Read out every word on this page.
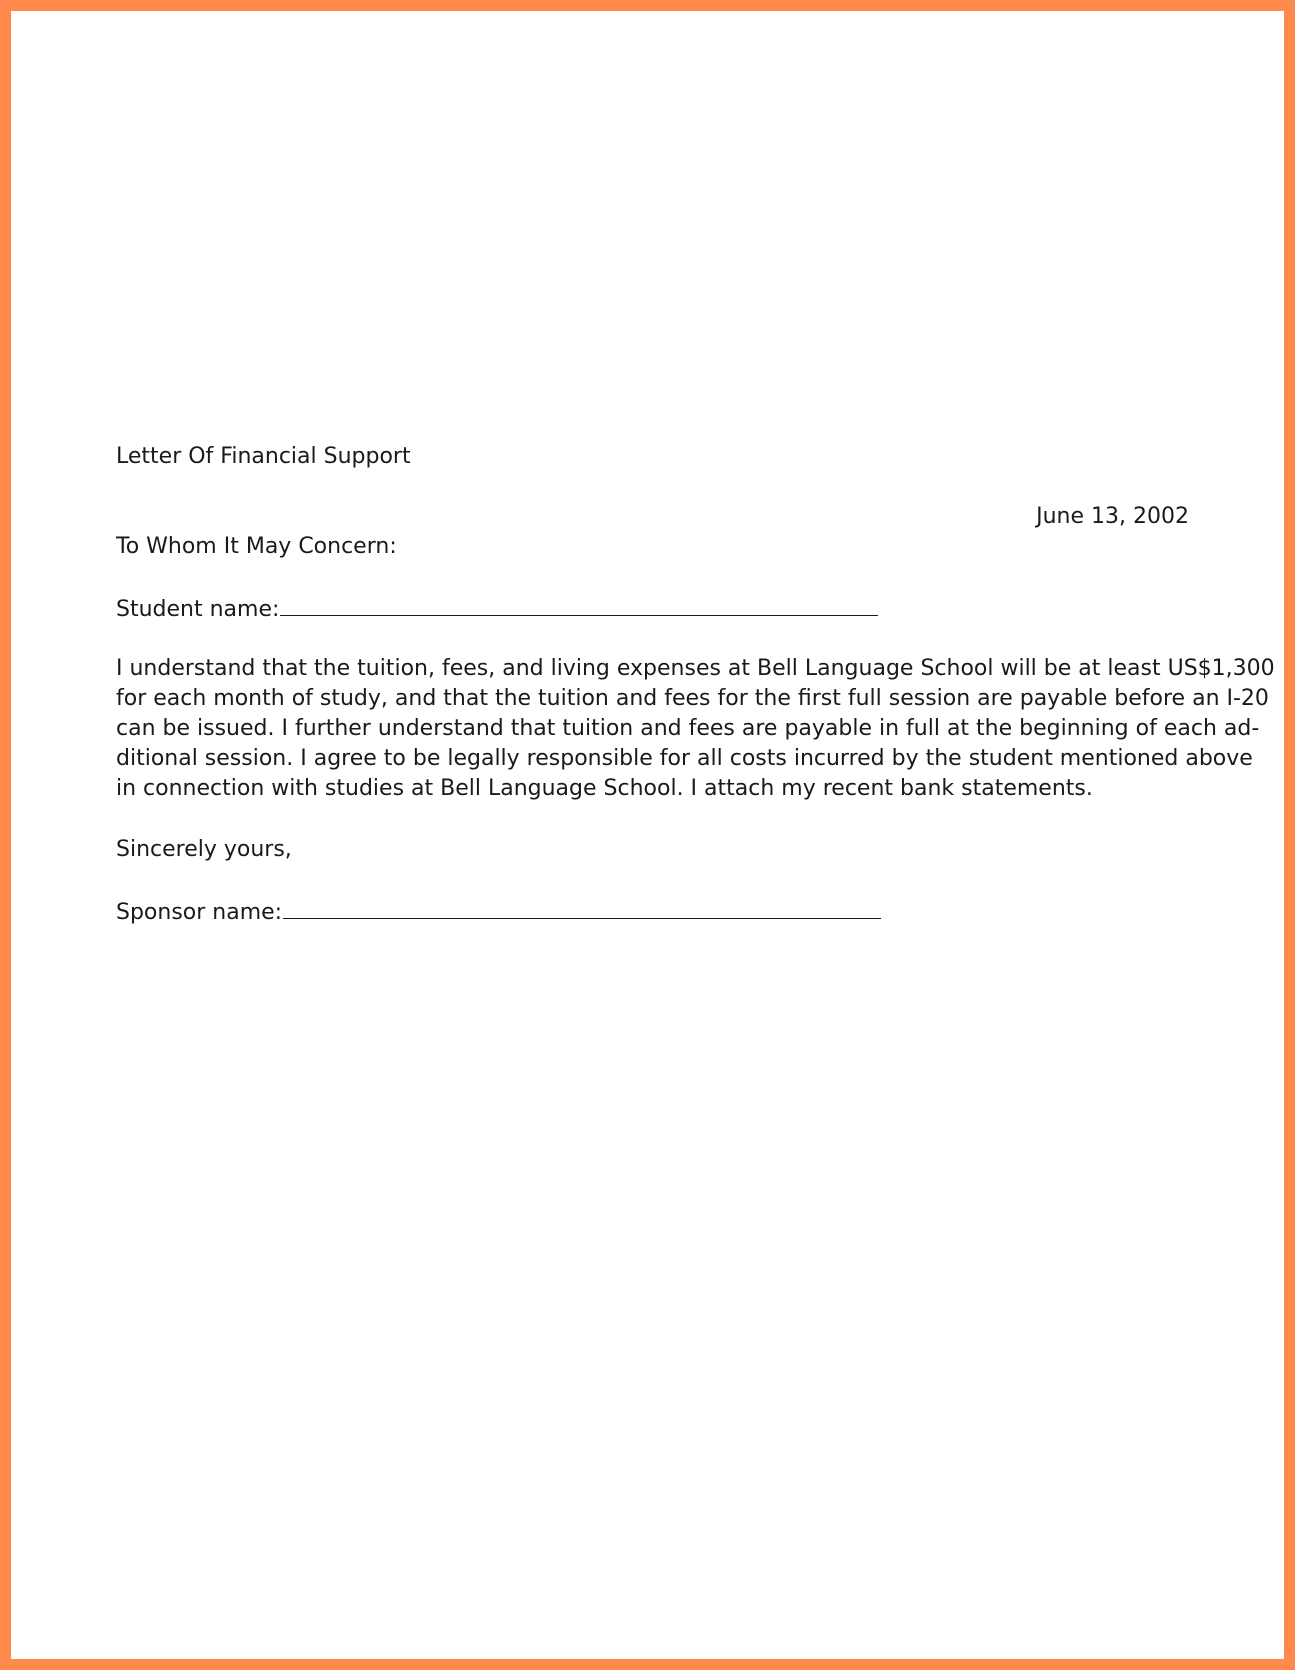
Letter Of Financial Support
June 13, 2002
To Whom It May Concern:
Student name:
I understand that the tuition, fees, and living expenses at Bell Language School will be at least US$1,300
for each month of study, and that the tuition and fees for the first full session are payable before an I-20
can be issued. I further understand that tuition and fees are payable in full at the beginning of each ad-
ditional session. I agree to be legally responsible for all costs incurred by the student mentioned above
in connection with studies at Bell Language School. I attach my recent bank statements.
Sincerely yours,
Sponsor name:
